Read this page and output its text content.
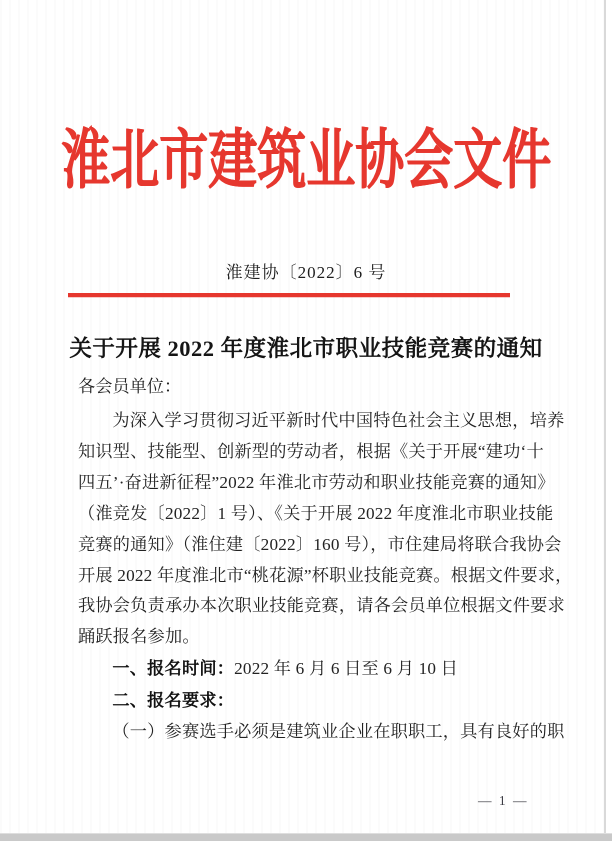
淮北市建筑业协会文件
淮建协〔2022〕6 号
关于开展 2022 年度淮北市职业技能竞赛的通知
各会员单位：
为深入学习贯彻习近平新时代中国特色社会主义思想，培养
知识型、技能型、创新型的劳动者，根据《关于开展“建功‘十
四五’·奋进新征程”2022 年淮北市劳动和职业技能竞赛的通知》
（淮竞发〔2022〕1 号）、《关于开展 2022 年度淮北市职业技能
竞赛的通知》（淮住建〔2022〕160 号），市住建局将联合我协会
开展 2022 年度淮北市“桃花源”杯职业技能竞赛。根据文件要求，
我协会负责承办本次职业技能竞赛，请各会员单位根据文件要求
踊跃报名参加。
一、报名时间：2022 年 6 月 6 日至 6 月 10 日
二、报名要求：
（一）参赛选手必须是建筑业企业在职职工，具有良好的职
— 1 —
